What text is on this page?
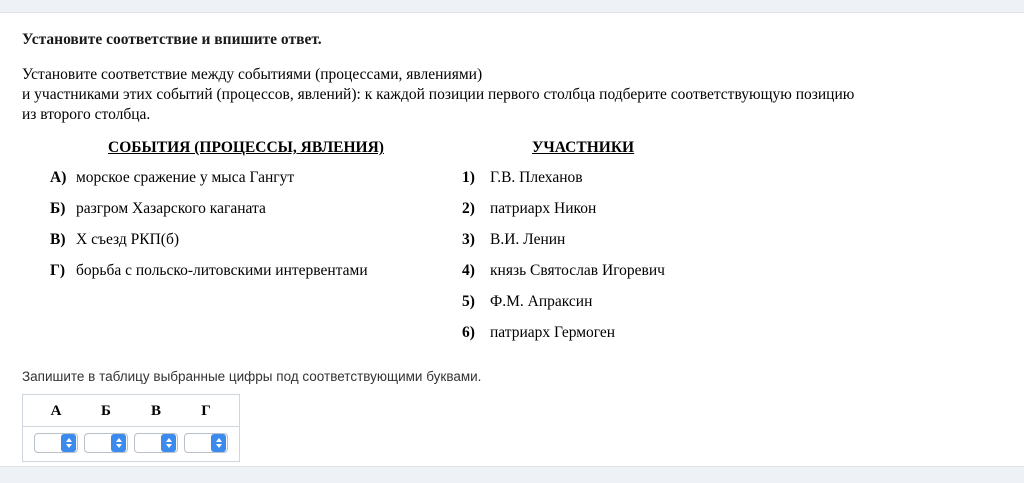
Установите соответствие и впишите ответ.
Установите соответствие между событиями (процессами, явлениями)
и участниками этих событий (процессов, явлений): к каждой позиции первого столбца подберите соответствующую позицию
из второго столбца.
СОБЫТИЯ (ПРОЦЕССЫ, ЯВЛЕНИЯ)
А) морское сражение у мыса Гангут
Б) разгром Хазарского каганата
В) X съезд РКП(б)
Г) борьба с польско-литовскими интервентами
УЧАСТНИКИ
1) Г.В. Плеханов
2) патриарх Никон
3) В.И. Ленин
4) князь Святослав Игоревич
5) Ф.М. Апраксин
6) патриарх Гермоген
Запишите в таблицу выбранные цифры под соответствующими буквами.
А	Б	В	Г
